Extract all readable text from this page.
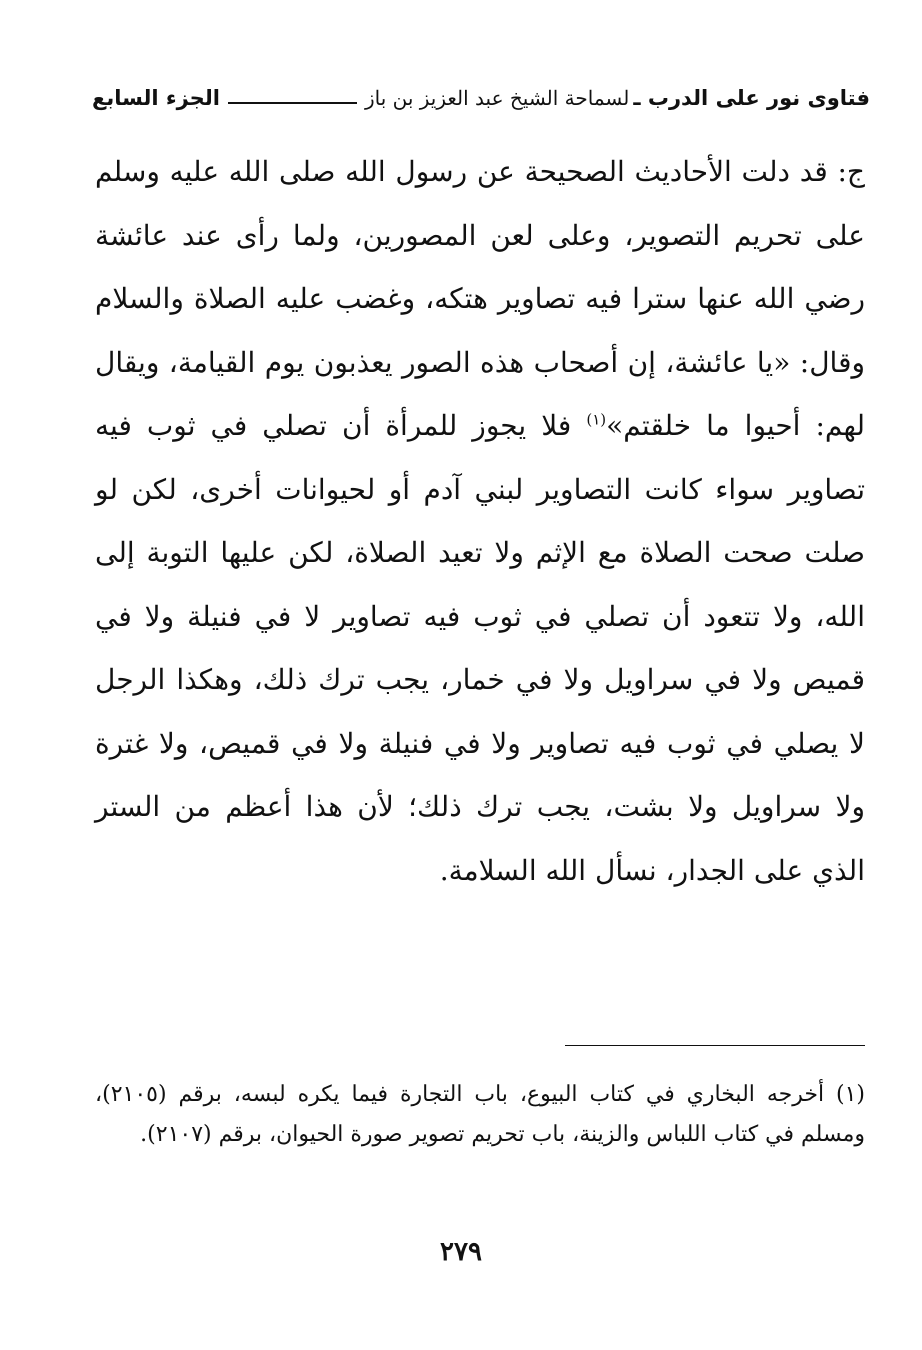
فتاوى نور على الدرب ـ
لسماحة الشيخ عبد العزيز بن باز
الجزء السابع

ج: قد دلت الأحاديث الصحيحة عن رسول الله صلى الله عليه وسلم على تحريم التصوير، وعلى لعن المصورين، ولما رأى عند عائشة رضي الله عنها سترا فيه تصاوير هتكه، وغضب عليه الصلاة والسلام وقال: «يا عائشة، إن أصحاب هذه الصور يعذبون يوم القيامة، ويقال لهم: أحيوا ما خلقتم»$^{(١)}$ فلا يجوز للمرأة أن تصلي في ثوب فيه تصاوير سواء كانت التصاوير لبني آدم أو لحيوانات أخرى، لكن لو صلت صحت الصلاة مع الإثم ولا تعيد الصلاة، لكن عليها التوبة إلى الله، ولا تتعود أن تصلي في ثوب فيه تصاوير لا في فنيلة ولا في قميص ولا في سراويل ولا في خمار، يجب ترك ذلك، وهكذا الرجل لا يصلي في ثوب فيه تصاوير ولا في فنيلة ولا في قميص، ولا غترة ولا سراويل ولا بشت، يجب ترك ذلك؛ لأن هذا أعظم من الستر الذي على الجدار، نسأل الله السلامة.

(١) أخرجه البخاري في كتاب البيوع، باب التجارة فيما يكره لبسه، برقم (٢١٠٥)، ومسلم في كتاب اللباس والزينة، باب تحريم تصوير صورة الحيوان، برقم (٢١٠٧).

٢٧٩
